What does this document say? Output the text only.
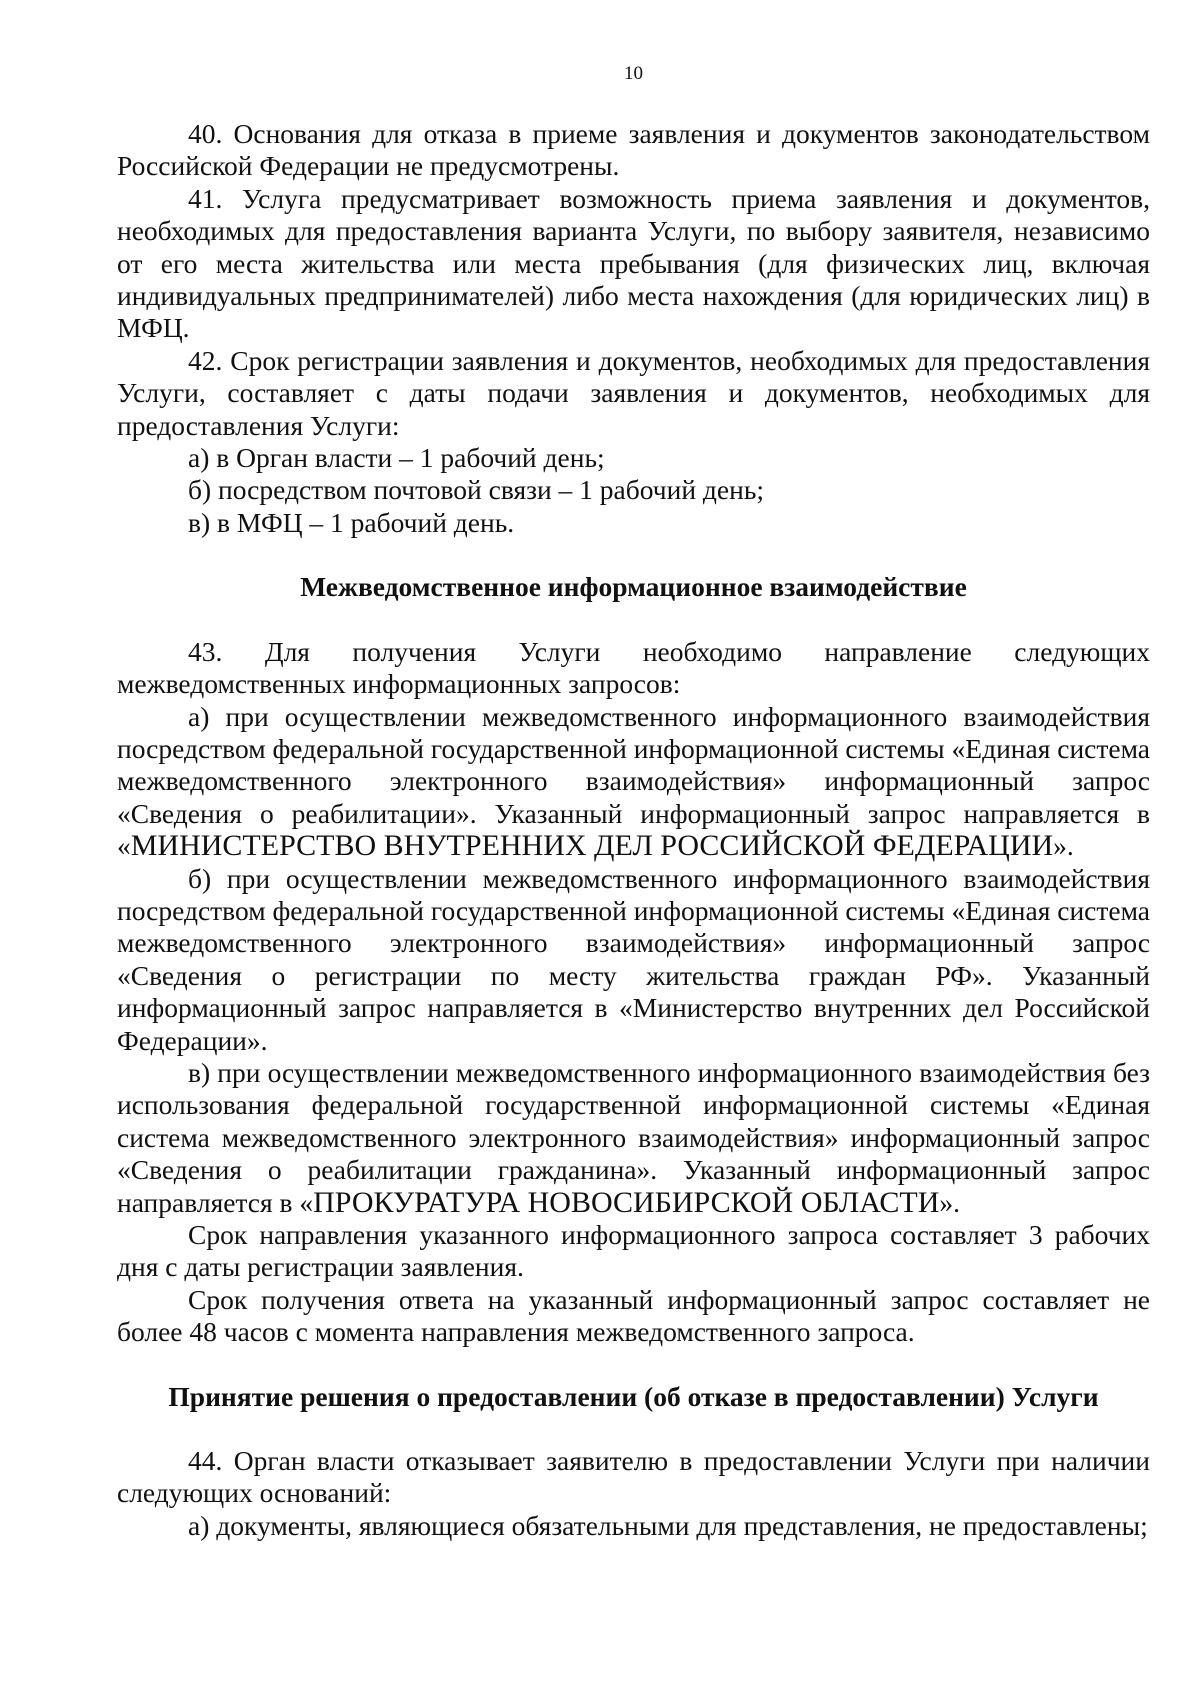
10

40. Основания для отказа в приеме заявления и документов законодательством Российской Федерации не предусмотрены.

41. Услуга предусматривает возможность приема заявления и документов, необходимых для предоставления варианта Услуги, по выбору заявителя, независимо от его места жительства или места пребывания (для физических лиц, включая индивидуальных предпринимателей) либо места нахождения (для юридических лиц) в МФЦ.

42. Срок регистрации заявления и документов, необходимых для предоставления Услуги, составляет с даты подачи заявления и документов, необходимых для предоставления Услуги:

а) в Орган власти – 1 рабочий день;

б) посредством почтовой связи – 1 рабочий день;

в) в МФЦ – 1 рабочий день.

Межведомственное информационное взаимодействие

43. Для получения Услуги необходимо направление следующих межведомственных информационных запросов:

а) при осуществлении межведомственного информационного взаимодействия посредством федеральной государственной информационной системы «Единая система межведомственного электронного взаимодействия» информационный запрос «Сведения о реабилитации». Указанный информационный запрос направляется в «МИНИСТЕРСТВО ВНУТРЕННИХ ДЕЛ РОССИЙСКОЙ ФЕДЕРАЦИИ».

б) при осуществлении межведомственного информационного взаимодействия посредством федеральной государственной информационной системы «Единая система межведомственного электронного взаимодействия» информационный запрос «Сведения о регистрации по месту жительства граждан РФ». Указанный информационный запрос направляется в «Министерство внутренних дел Российской Федерации».

в) при осуществлении межведомственного информационного взаимодействия без использования федеральной государственной информационной системы «Единая система межведомственного электронного взаимодействия» информационный запрос «Сведения о реабилитации гражданина». Указанный информационный запрос направляется в «ПРОКУРАТУРА НОВОСИБИРСКОЙ ОБЛАСТИ».

Срок направления указанного информационного запроса составляет 3 рабочих дня с даты регистрации заявления.

Срок получения ответа на указанный информационный запрос составляет не более 48 часов с момента направления межведомственного запроса.

Принятие решения о предоставлении (об отказе в предоставлении) Услуги

44. Орган власти отказывает заявителю в предоставлении Услуги при наличии следующих оснований:

а) документы, являющиеся обязательными для представления, не предоставлены;
